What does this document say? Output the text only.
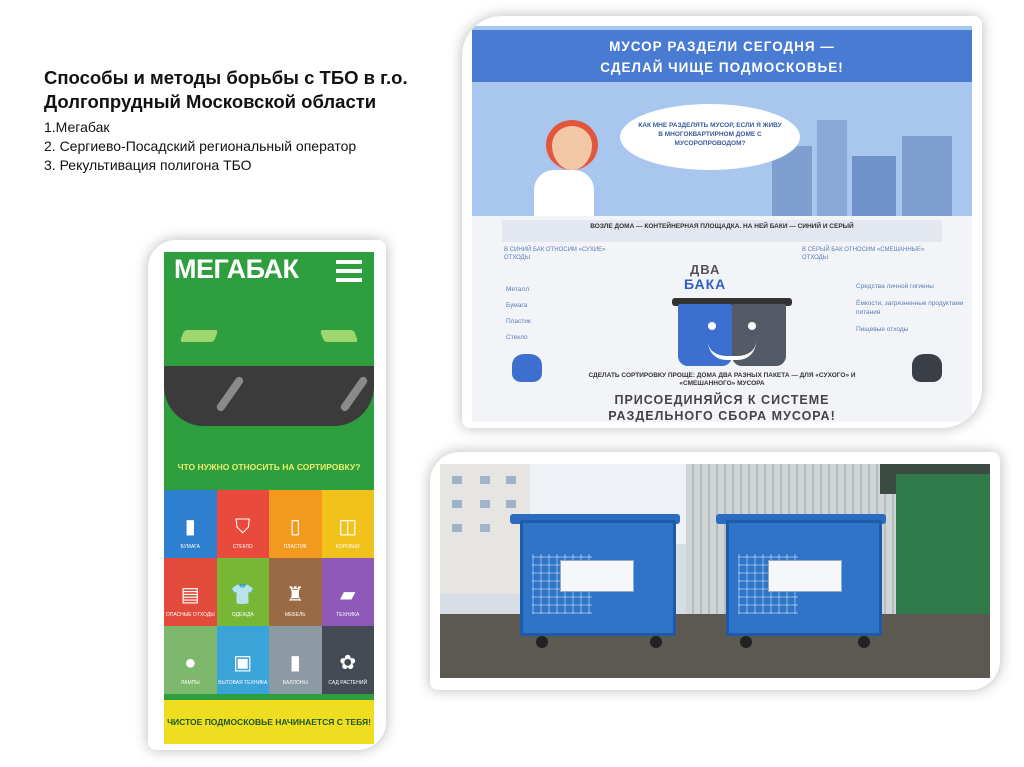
Способы и методы борьбы с ТБО в г.о. Долгопрудный Московской области
1.Мегабак
2. Сергиево-Посадский региональный оператор
3. Рекультивация полигона ТБО
МУСОР РАЗДЕЛИ СЕГОДНЯ —
СДЕЛАЙ ЧИЩЕ ПОДМОСКОВЬЕ!
КАК МНЕ РАЗДЕЛЯТЬ МУСОР, ЕСЛИ Я ЖИВУ В МНОГОКВАРТИРНОМ ДОМЕ С МУСОРОПРОВОДОМ?
ВОЗЛЕ ДОМА — КОНТЕЙНЕРНАЯ ПЛОЩАДКА. НА НЕЙ БАКИ — СИНИЙ И СЕРЫЙ
В СИНИЙ БАК ОТНОСИМ «СУХИЕ» ОТХОДЫ
В СЕРЫЙ БАК ОТНОСИМ «СМЕШАННЫЕ» ОТХОДЫ
Металл
Бумага
Пластик
Стекло
Средства личной гигиены
Ёмкости, загрязненные продуктами питания
Пищевые отходы
ДВА
БАКА
СДЕЛАТЬ СОРТИРОВКУ ПРОЩЕ: ДОМА ДВА РАЗНЫХ ПАКЕТА — ДЛЯ «СУХОГО» И «СМЕШАННОГО» МУСОРА
ПРИСОЕДИНЯЙСЯ К СИСТЕМЕ
РАЗДЕЛЬНОГО СБОРА МУСОРА!
МЕГАБАК
ЧТО НУЖНО ОТНОСИТЬ НА СОРТИРОВКУ?
▮
БУМАГА
⛉
СТЕКЛО
▯
ПЛАСТИК
◫
КОРОБКИ
▤
ОПАСНЫЕ ОТХОДЫ
👕
ОДЕЖДА
♜
МЕБЕЛЬ
▰
ТЕХНИКА
●
ЛАМПЫ
▣
БЫТОВАЯ ТЕХНИКА
▮
БАЛЛОНЫ
✿
САД РАСТЕНИЙ
ЧИСТОЕ ПОДМОСКОВЬЕ НАЧИНАЕТСЯ С ТЕБЯ!
